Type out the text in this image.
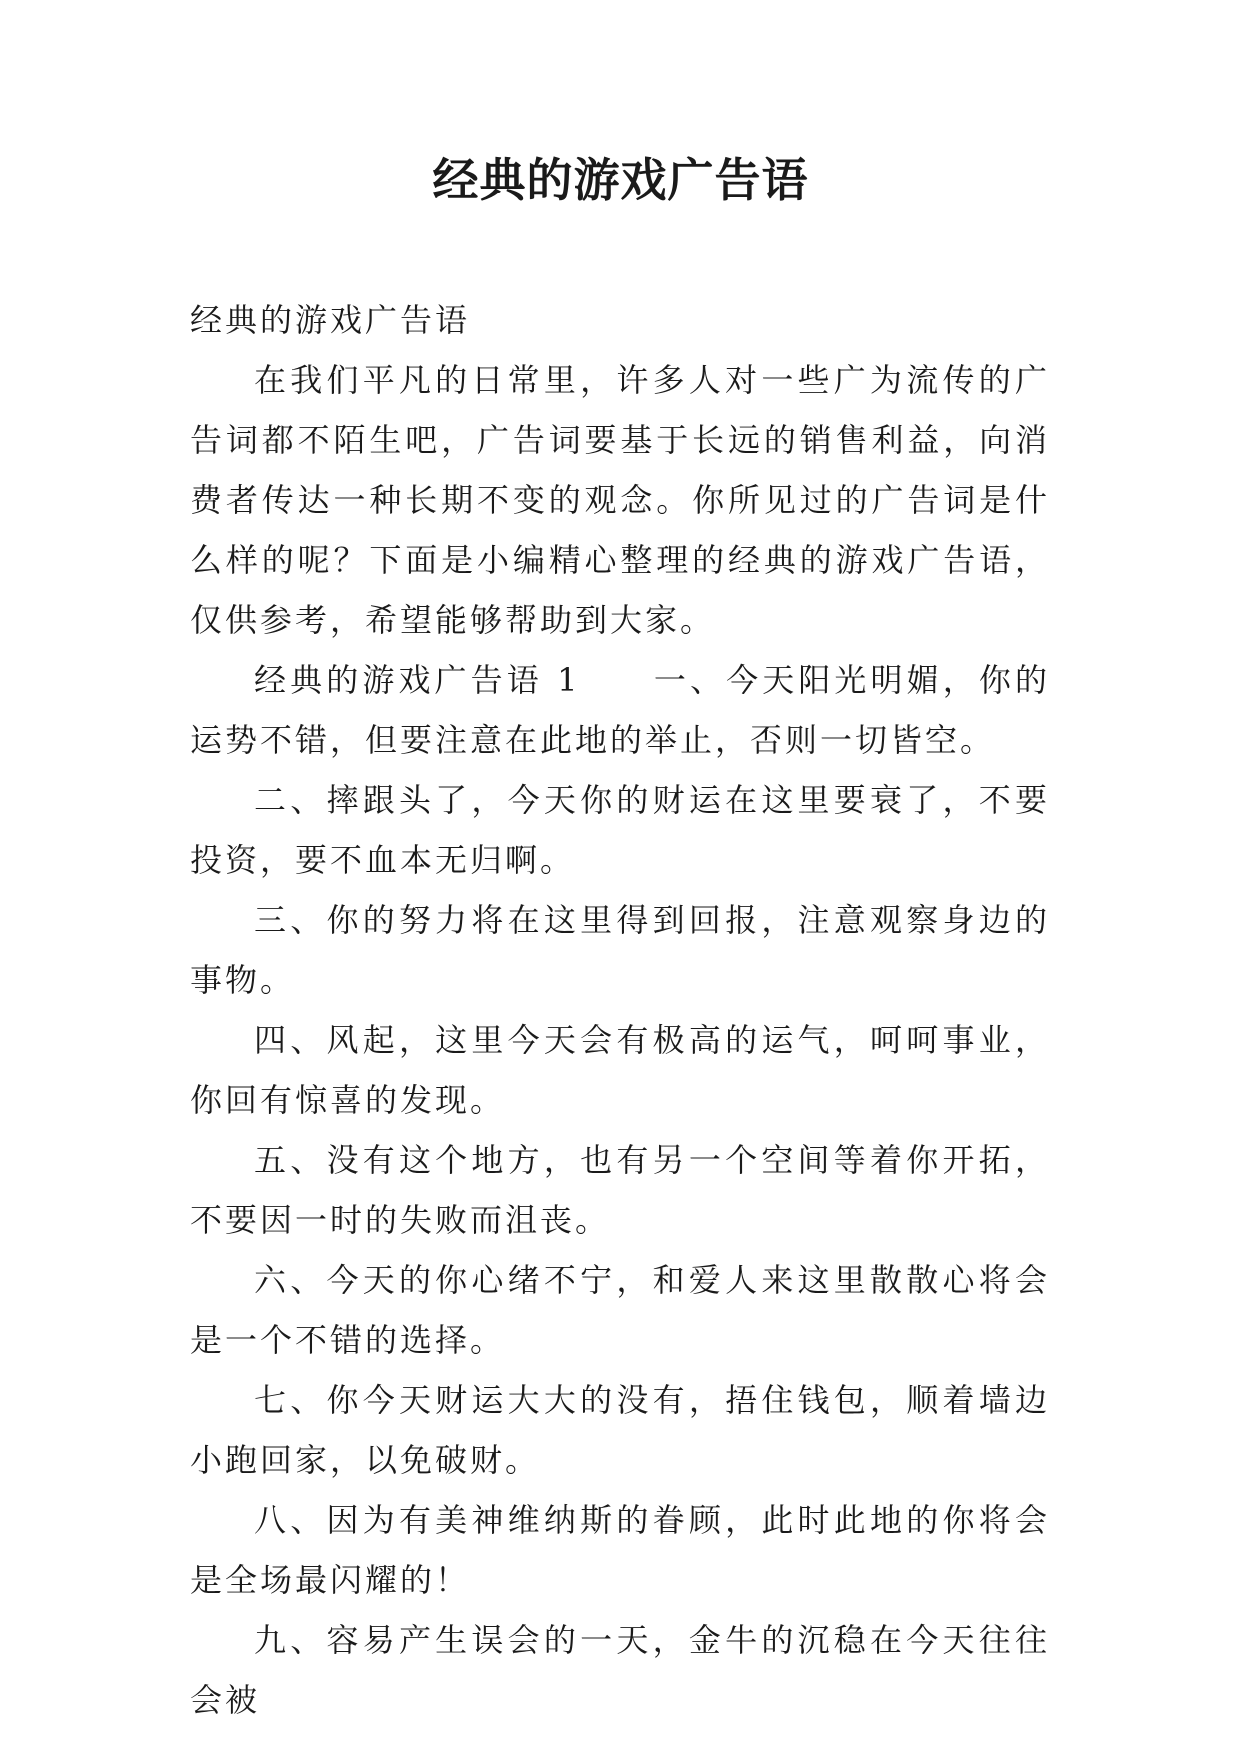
经典的游戏广告语

经典的游戏广告语

在我们平凡的日常里，许多人对一些广为流传的广告词都不陌生吧，广告词要基于长远的销售利益，向消费者传达一种长期不变的观念。你所见过的广告词是什么样的呢？下面是小编精心整理的经典的游戏广告语，仅供参考，希望能够帮助到大家。

经典的游戏广告语 1　　一、今天阳光明媚，你的运势不错，但要注意在此地的举止，否则一切皆空。

二、摔跟头了，今天你的财运在这里要衰了，不要投资，要不血本无归啊。

三、你的努力将在这里得到回报，注意观察身边的事物。

四、风起，这里今天会有极高的运气，呵呵事业，你回有惊喜的发现。

五、没有这个地方，也有另一个空间等着你开拓，不要因一时的失败而沮丧。

六、今天的你心绪不宁，和爱人来这里散散心将会是一个不错的选择。

七、你今天财运大大的没有，捂住钱包，顺着墙边小跑回家，以免破财。

八、因为有美神维纳斯的眷顾，此时此地的你将会是全场最闪耀的！

九、容易产生误会的一天，金牛的沉稳在今天往往会被
